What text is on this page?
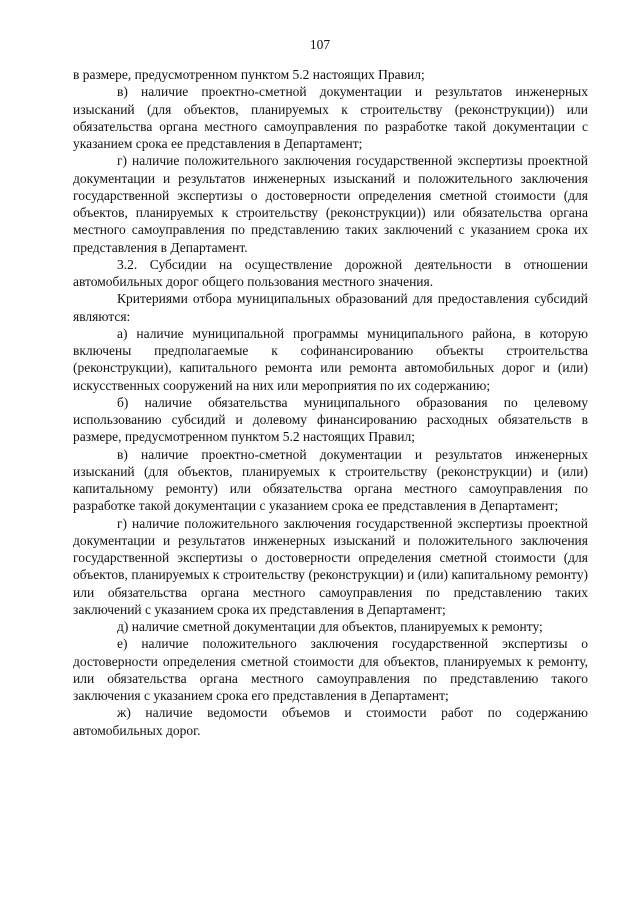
107

в размере, предусмотренном пунктом 5.2 настоящих Правил;

в) наличие проектно-сметной документации и результатов инженерных изысканий (для объектов, планируемых к строительству (реконструкции)) или обязательства органа местного самоуправления по разработке такой документации с указанием срока ее представления в Департамент;

г) наличие положительного заключения государственной экспертизы проектной документации и результатов инженерных изысканий и положительного заключения государственной экспертизы о достоверности определения сметной стоимости (для объектов, планируемых к строительству (реконструкции)) или обязательства органа местного самоуправления по представлению таких заключений с указанием срока их представления в Департамент.

3.2. Субсидии на осуществление дорожной деятельности в отношении автомобильных дорог общего пользования местного значения.

Критериями отбора муниципальных образований для предоставления субсидий являются:

а) наличие муниципальной программы муниципального района, в которую включены предполагаемые к софинансированию объекты строительства (реконструкции), капитального ремонта или ремонта автомобильных дорог и (или) искусственных сооружений на них или мероприятия по их содержанию;

б) наличие обязательства муниципального образования по целевому использованию субсидий и долевому финансированию расходных обязательств в размере, предусмотренном пунктом 5.2 настоящих Правил;

в) наличие проектно-сметной документации и результатов инженерных изысканий (для объектов, планируемых к строительству (реконструкции) и (или) капитальному ремонту) или обязательства органа местного самоуправления по разработке такой документации с указанием срока ее представления в Департамент;

г) наличие положительного заключения государственной экспертизы проектной документации и результатов инженерных изысканий и положительного заключения государственной экспертизы о достоверности определения сметной стоимости (для объектов, планируемых к строительству (реконструкции) и (или) капитальному ремонту) или обязательства органа местного самоуправления по представлению таких заключений с указанием срока их представления в Департамент;

д) наличие сметной документации для объектов, планируемых к ремонту;

е) наличие положительного заключения государственной экспертизы о достоверности определения сметной стоимости для объектов, планируемых к ремонту, или обязательства органа местного самоуправления по представлению такого заключения с указанием срока его представления в Департамент;

ж) наличие ведомости объемов и стоимости работ по содержанию автомобильных дорог.
